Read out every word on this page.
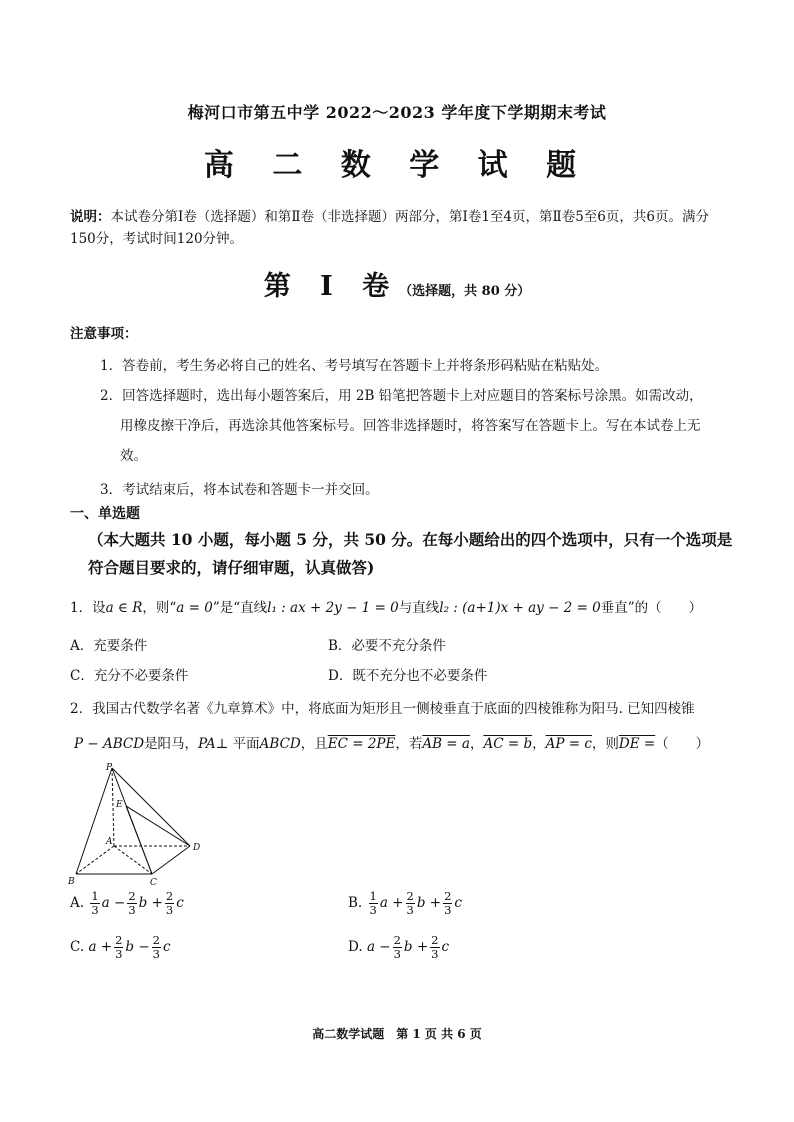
梅河口市第五中学 2022～2023 学年度下学期期末考试
高 二 数 学 试 题
说明：本试卷分第Ⅰ卷（选择题）和第Ⅱ卷（非选择题）两部分，第Ⅰ卷1至4页，第Ⅱ卷5至6页，共6页。满分150分，考试时间120分钟。
第 Ⅰ 卷（选择题，共 80 分）
注意事项：
1．答卷前，考生务必将自己的姓名、考号填写在答题卡上并将条形码粘贴在粘贴处。
2．回答选择题时，选出每小题答案后，用 2B 铅笔把答题卡上对应题目的答案标号涂黑。如需改动，
用橡皮擦干净后，再选涂其他答案标号。回答非选择题时，将答案写在答题卡上。写在本试卷上无
效。
3．考试结束后，将本试卷和答题卡一并交回。
一、单选题
（本大题共 10 小题，每小题 5 分，共 50 分。在每小题给出的四个选项中，只有一个选项是符合题目要求的，请仔细审题，认真做答)
1．设a ∈ R，则“a = 0”是“直线l₁ : ax + 2y − 1 = 0与直线l₂ : (a+1)x + ay − 2 = 0垂直”的（　　）
A．充要条件	B．必要不充分条件
C．充分不必要条件	D．既不充分也不必要条件
2．我国古代数学名著《九章算术》中，将底面为矩形且一侧棱垂直于底面的四棱锥称为阳马. 已知四棱锥
P − ABCD是阳马，PA⊥ 平面ABCD，且EC = 2PE，若AB = a，AC = b，AP = c，则DE =（　　）
P
E
A
D
B	C
A. $\frac{1}{3}$ $a - \frac{2}{3}$ $b + \frac{2}{3}$ c	B. $\frac{1}{3}$ $a + \frac{2}{3}$ $b + \frac{2}{3}$ c
C. $a + \frac{2}{3}$ $b - \frac{2}{3}$ c	D. $a - \frac{2}{3}$ $b + \frac{2}{3}$ c
高二数学试题　第 1 页 共 6 页
